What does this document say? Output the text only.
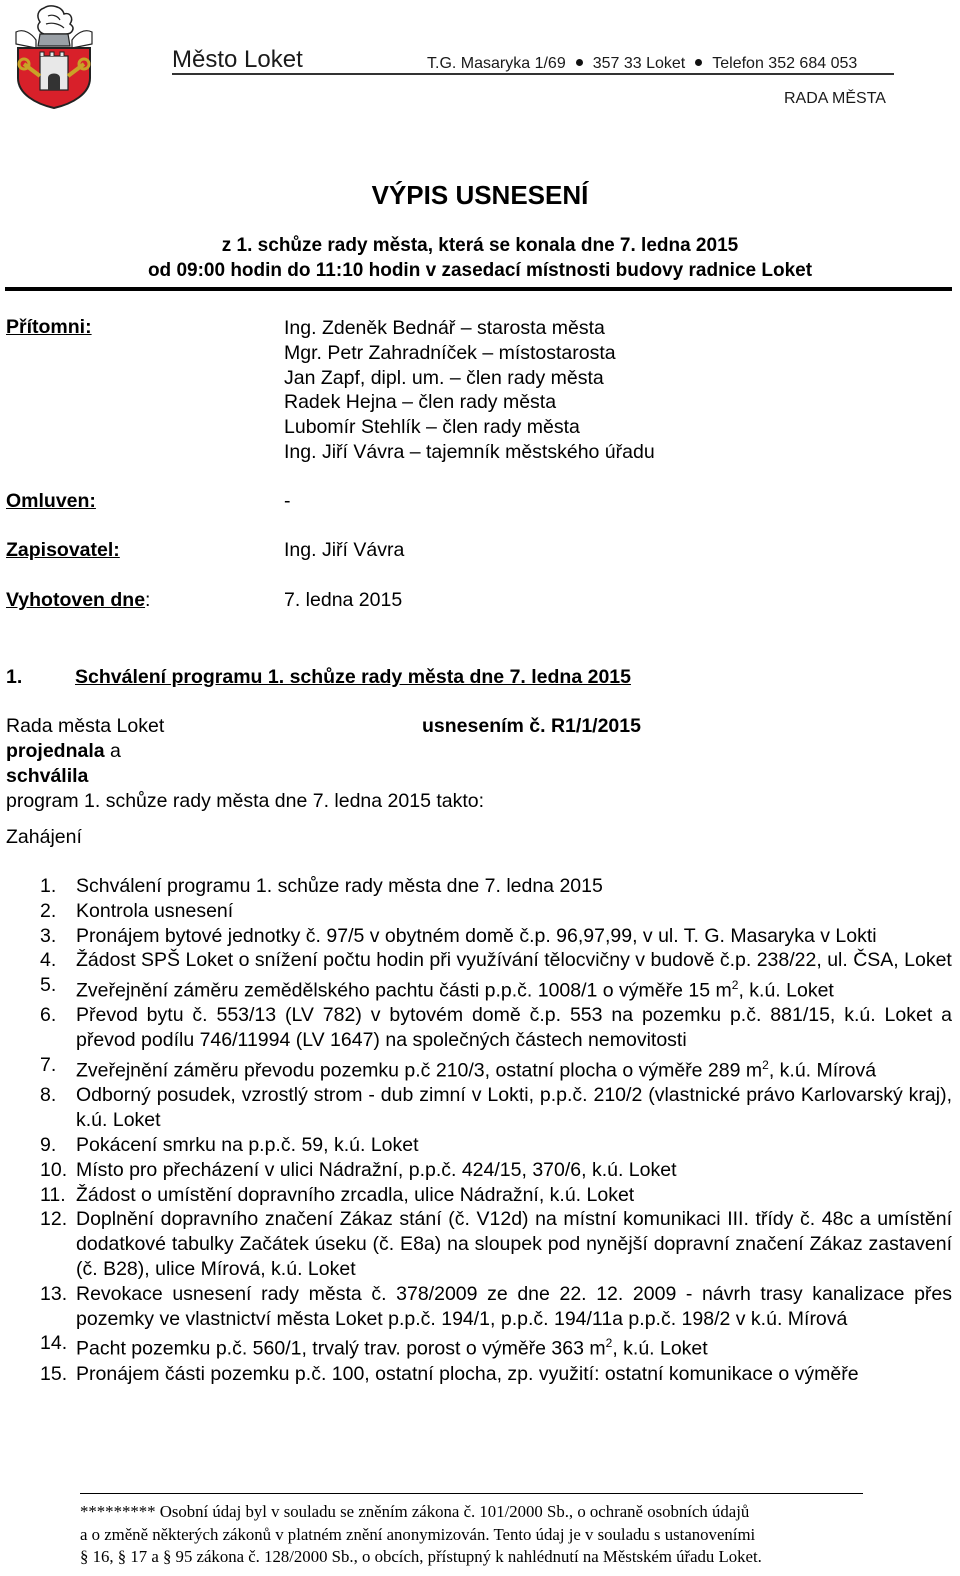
Město Loket	T.G. Masaryka 1/69 357 33 Loket Telefon 352 684 053
RADA MĚSTA
VÝPIS USNESENÍ
z 1. schůze rady města, která se konala dne 7. ledna 2015
od 09:00 hodin do 11:10 hodin v zasedací místnosti budovy radnice Loket
Přítomni:	Ing. Zdeněk Bednář – starosta města
Mgr. Petr Zahradníček – místostarosta
Jan Zapf, dipl. um. – člen rady města
Radek Hejna – člen rady města
Lubomír Stehlík – člen rady města
Ing. Jiří Vávra – tajemník městského úřadu
Omluven:	-
Zapisovatel:	Ing. Jiří Vávra
Vyhotoven dne:	7. ledna 2015
1.	Schválení programu 1. schůze rady města dne 7. ledna 2015
Rada města Loket	usnesením č. R1/1/2015
projednala a
schválila
program 1. schůze rady města dne 7. ledna 2015 takto:
Zahájení
1. Schválení programu 1. schůze rady města dne 7. ledna 2015
2. Kontrola usnesení
3. Pronájem bytové jednotky č. 97/5 v obytném domě č.p. 96,97,99, v ul. T. G. Masaryka v Lokti
4. Žádost SPŠ Loket o snížení počtu hodin při využívání tělocvičny v budově č.p. 238/22, ul. ČSA, Loket
5. Zveřejnění záměru zemědělského pachtu části p.p.č. 1008/1 o výměře 15 $m^2$, k.ú. Loket
6. Převod bytu č. 553/13 (LV 782) v bytovém domě č.p. 553 na pozemku p.č. 881/15, k.ú. Loket a převod podílu 746/11994 (LV 1647) na společných částech nemovitosti
7. Zveřejnění záměru převodu pozemku p.č 210/3, ostatní plocha o výměře 289 $m^2$, k.ú. Mírová
8. Odborný posudek, vzrostlý strom - dub zimní v Lokti, p.p.č. 210/2 (vlastnické právo Karlovarský kraj), k.ú. Loket
9. Pokácení smrku na p.p.č. 59, k.ú. Loket
10. Místo pro přecházení v ulici Nádražní, p.p.č. 424/15, 370/6, k.ú. Loket
11. Žádost o umístění dopravního zrcadla, ulice Nádražní, k.ú. Loket
12. Doplnění dopravního značení Zákaz stání (č. V12d) na místní komunikaci III. třídy č. 48c a umístění dodatkové tabulky Začátek úseku (č. E8a) na sloupek pod nynější dopravní značení Zákaz zastavení (č. B28), ulice Mírová, k.ú. Loket
13. Revokace usnesení rady města č. 378/2009 ze dne 22. 12. 2009 - návrh trasy kanalizace přes pozemky ve vlastnictví města Loket p.p.č. 194/1, p.p.č. 194/11a p.p.č. 198/2 v k.ú. Mírová
14. Pacht pozemku p.č. 560/1, trvalý trav. porost o výměře 363 $m^2$, k.ú. Loket
15. Pronájem části pozemku p.č. 100, ostatní plocha, zp. využití: ostatní komunikace o výměře
********* Osobní údaj byl v souladu se zněním zákona č. 101/2000 Sb., o ochraně osobních údajů
a o změně některých zákonů v platném znění anonymizován. Tento údaj je v souladu s ustanoveními
§ 16, § 17 a § 95 zákona č. 128/2000 Sb., o obcích, přístupný k nahlédnutí na Městském úřadu Loket.
